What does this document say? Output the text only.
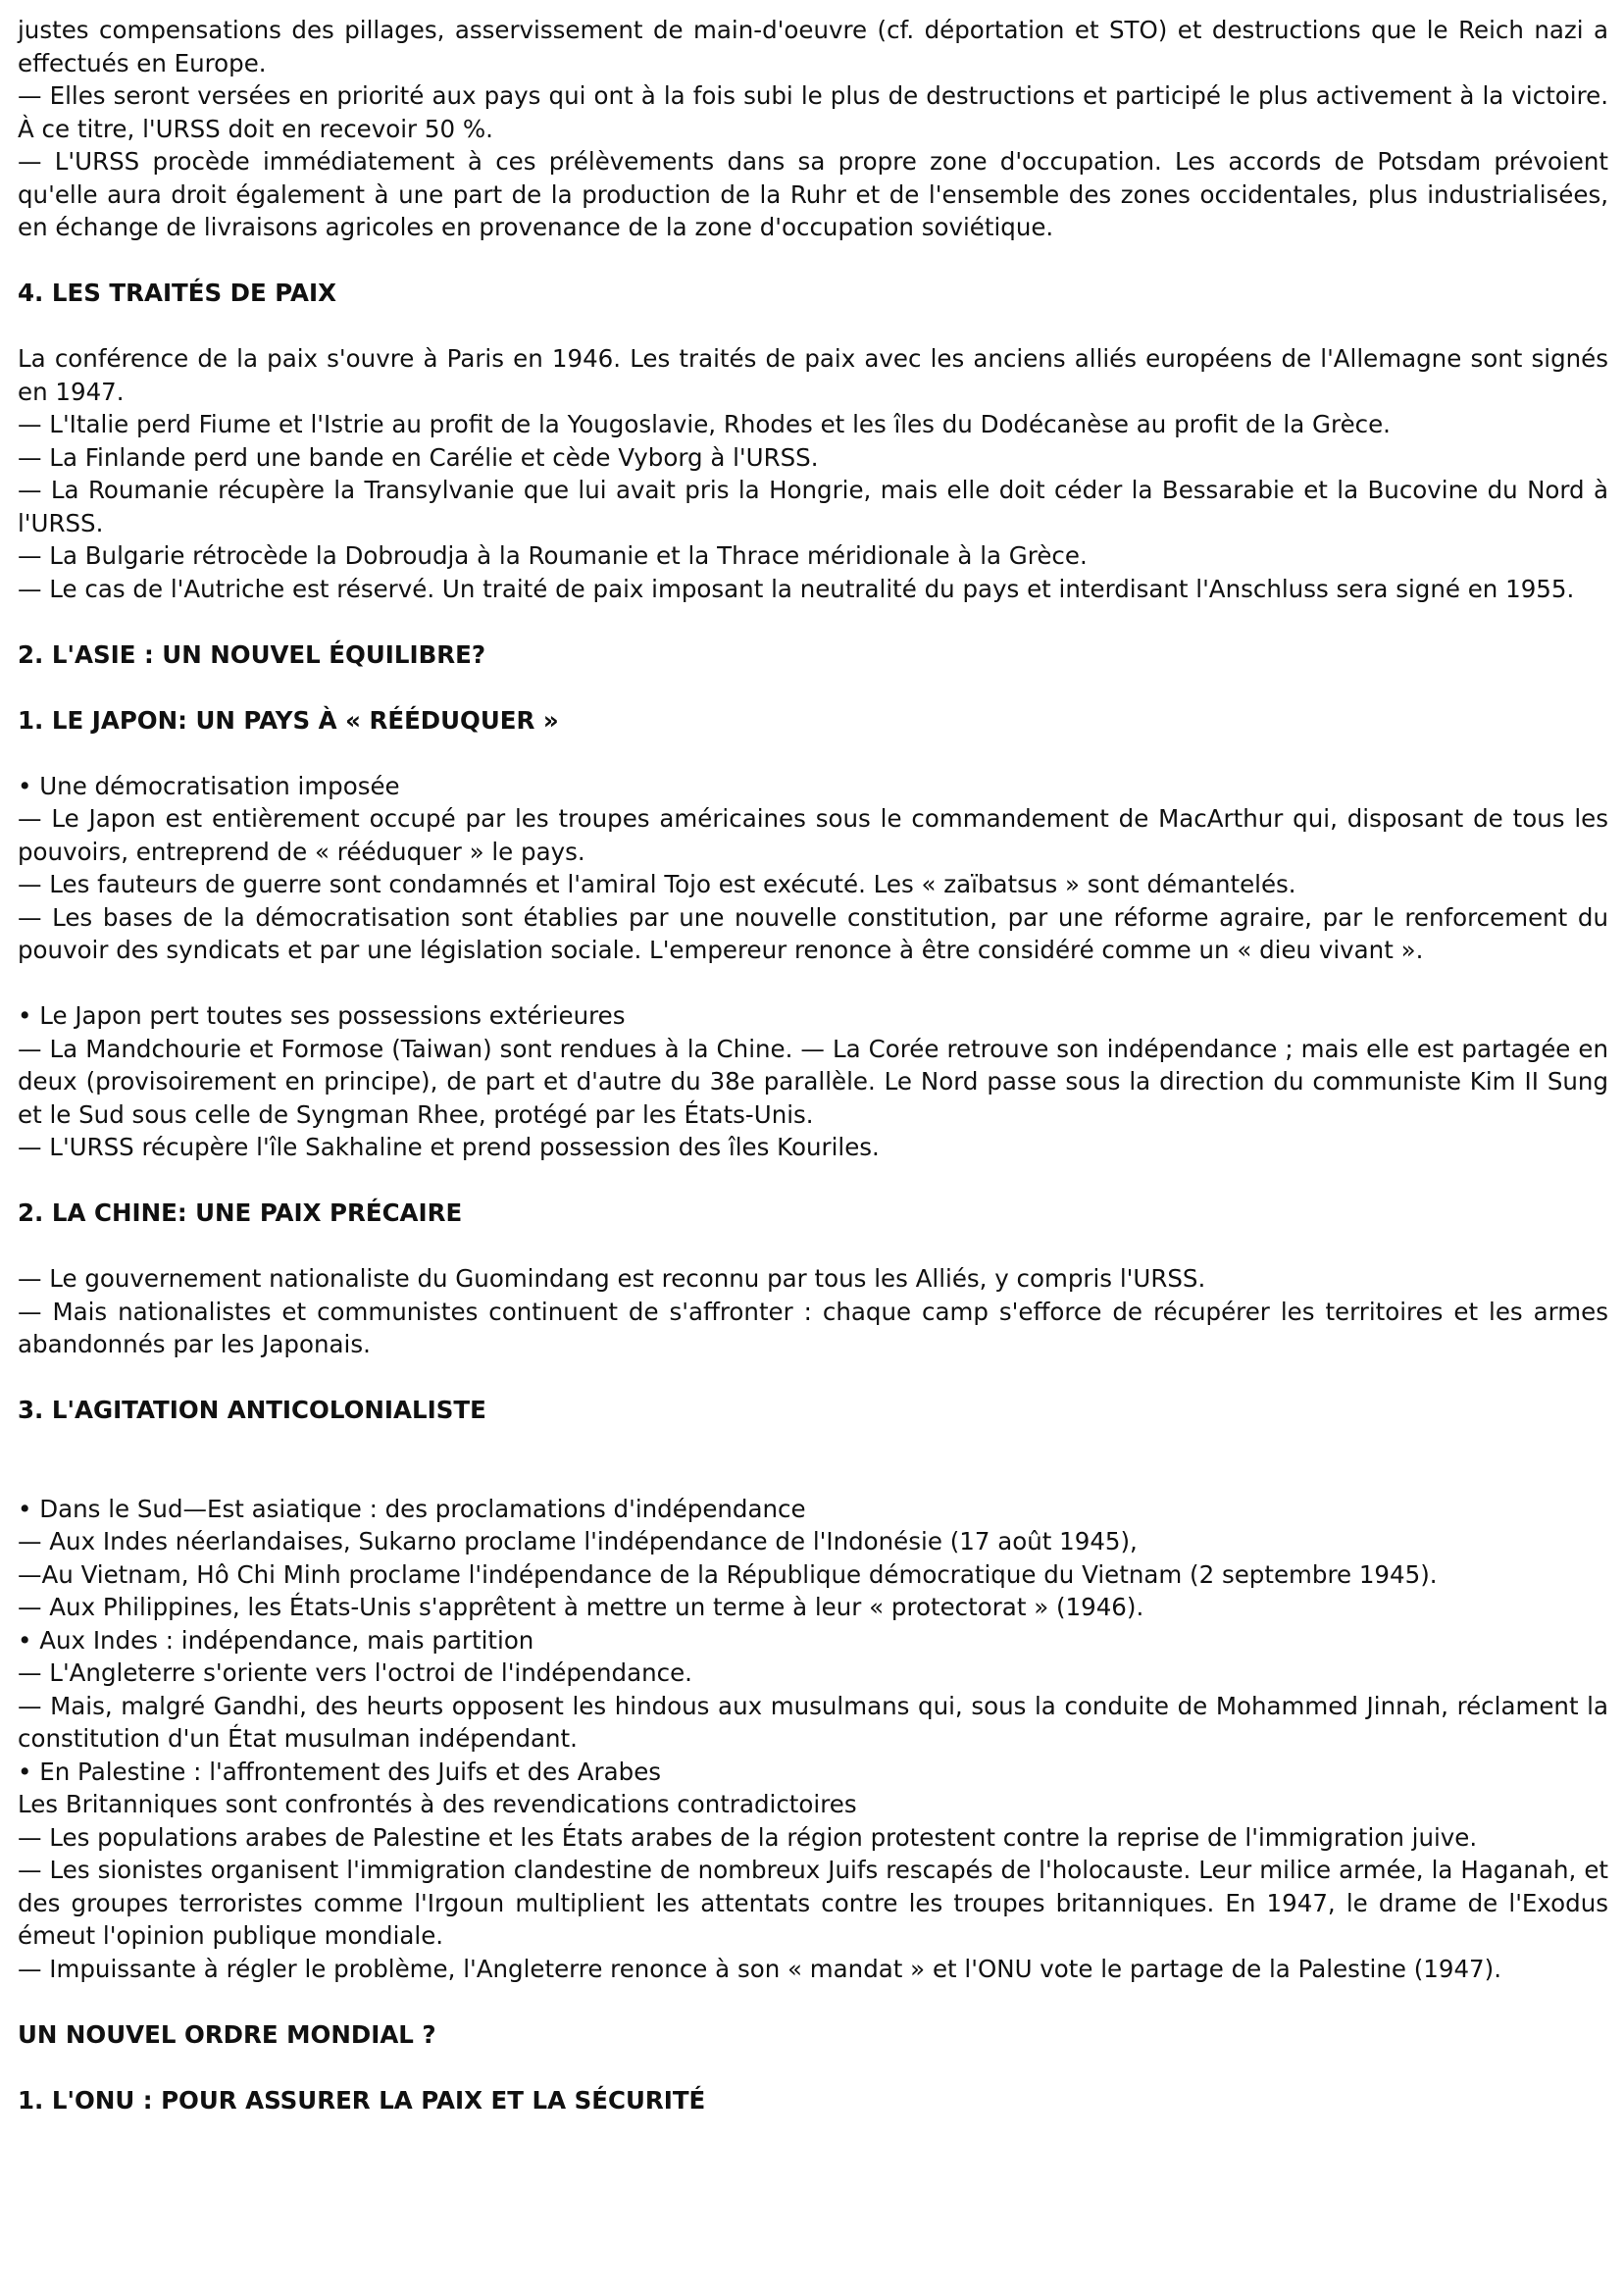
justes compensations des pillages, asservissement de main-d'oeuvre (cf. déportation et STO) et destructions que le Reich nazi a effectués en Europe.

— Elles seront versées en priorité aux pays qui ont à la fois subi le plus de destructions et participé le plus activement à la victoire. À ce titre, l'URSS doit en recevoir 50 %.

— L'URSS procède immédiatement à ces prélèvements dans sa propre zone d'occupation. Les accords de Potsdam prévoient qu'elle aura droit également à une part de la production de la Ruhr et de l'ensemble des zones occidentales, plus industrialisées, en échange de livraisons agricoles en provenance de la zone d'occupation soviétique.

4. LES TRAITÉS DE PAIX

La conférence de la paix s'ouvre à Paris en 1946. Les traités de paix avec les anciens alliés européens de l'Allemagne sont signés en 1947.

— L'Italie perd Fiume et l'Istrie au profit de la Yougoslavie, Rhodes et les îles du Dodécanèse au profit de la Grèce.

— La Finlande perd une bande en Carélie et cède Vyborg à l'URSS.

— La Roumanie récupère la Transylvanie que lui avait pris la Hongrie, mais elle doit céder la Bessarabie et la Bucovine du Nord à l'URSS.

— La Bulgarie rétrocède la Dobroudja à la Roumanie et la Thrace méridionale à la Grèce.

— Le cas de l'Autriche est réservé. Un traité de paix imposant la neutralité du pays et interdisant l'Anschluss sera signé en 1955.

2. L'ASIE : UN NOUVEL ÉQUILIBRE?
1. LE JAPON: UN PAYS À « RÉÉDUQUER »

• Une démocratisation imposée

— Le Japon est entièrement occupé par les troupes américaines sous le commandement de MacArthur qui, disposant de tous les pouvoirs, entreprend de « rééduquer » le pays.

— Les fauteurs de guerre sont condamnés et l'amiral Tojo est exécuté. Les « zaïbatsus » sont démantelés.

— Les bases de la démocratisation sont établies par une nouvelle constitution, par une réforme agraire, par le renforcement du pouvoir des syndicats et par une législation sociale. L'empereur renonce à être considéré comme un « dieu vivant ».

• Le Japon pert toutes ses possessions extérieures

— La Mandchourie et Formose (Taiwan) sont rendues à la Chine. — La Corée retrouve son indépendance ; mais elle est partagée en deux (provisoirement en principe), de part et d'autre du 38e parallèle. Le Nord passe sous la direction du communiste Kim II Sung et le Sud sous celle de Syngman Rhee, protégé par les États-Unis.

— L'URSS récupère l'île Sakhaline et prend possession des îles Kouriles.

2. LA CHINE: UNE PAIX PRÉCAIRE

— Le gouvernement nationaliste du Guomindang est reconnu par tous les Alliés, y compris l'URSS.

— Mais nationalistes et communistes continuent de s'affronter : chaque camp s'efforce de récupérer les territoires et les armes abandonnés par les Japonais.

3. L'AGITATION ANTICOLONIALISTE

• Dans le Sud—Est asiatique : des proclamations d'indépendance

— Aux Indes néerlandaises, Sukarno proclame l'indépendance de l'Indonésie (17 août 1945),

—Au Vietnam, Hô Chi Minh proclame l'indépendance de la République démocratique du Vietnam (2 septembre 1945).

— Aux Philippines, les États-Unis s'apprêtent à mettre un terme à leur « protectorat » (1946).

• Aux Indes : indépendance, mais partition

— L'Angleterre s'oriente vers l'octroi de l'indépendance.

— Mais, malgré Gandhi, des heurts opposent les hindous aux musulmans qui, sous la conduite de Mohammed Jinnah, réclament la constitution d'un État musulman indépendant.

• En Palestine : l'affrontement des Juifs et des Arabes

Les Britanniques sont confrontés à des revendications contradictoires

— Les populations arabes de Palestine et les États arabes de la région protestent contre la reprise de l'immigration juive.

— Les sionistes organisent l'immigration clandestine de nombreux Juifs rescapés de l'holocauste. Leur milice armée, la Haganah, et des groupes terroristes comme l'Irgoun multiplient les attentats contre les troupes britanniques. En 1947, le drame de l'Exodus émeut l'opinion publique mondiale.

— Impuissante à régler le problème, l'Angleterre renonce à son « mandat » et l'ONU vote le partage de la Palestine (1947).

UN NOUVEL ORDRE MONDIAL ?
1. L'ONU : POUR ASSURER LA PAIX ET LA SÉCURITÉ
